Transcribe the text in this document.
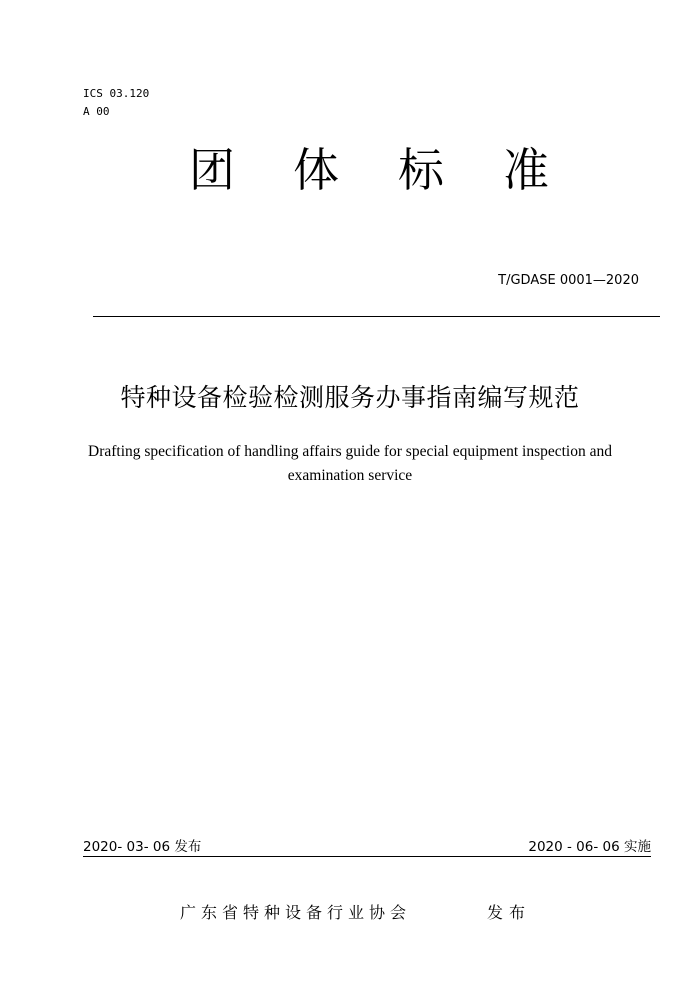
ICS 03.120
A 00
团 体 标 准
T/GDASE 0001—2020
特种设备检验检测服务办事指南编写规范
Drafting specification of handling affairs guide for special equipment inspection and
examination service
2020- 03- 06 发布	2020 - 06- 06 实施
广东省特种设备行业协会	发布
